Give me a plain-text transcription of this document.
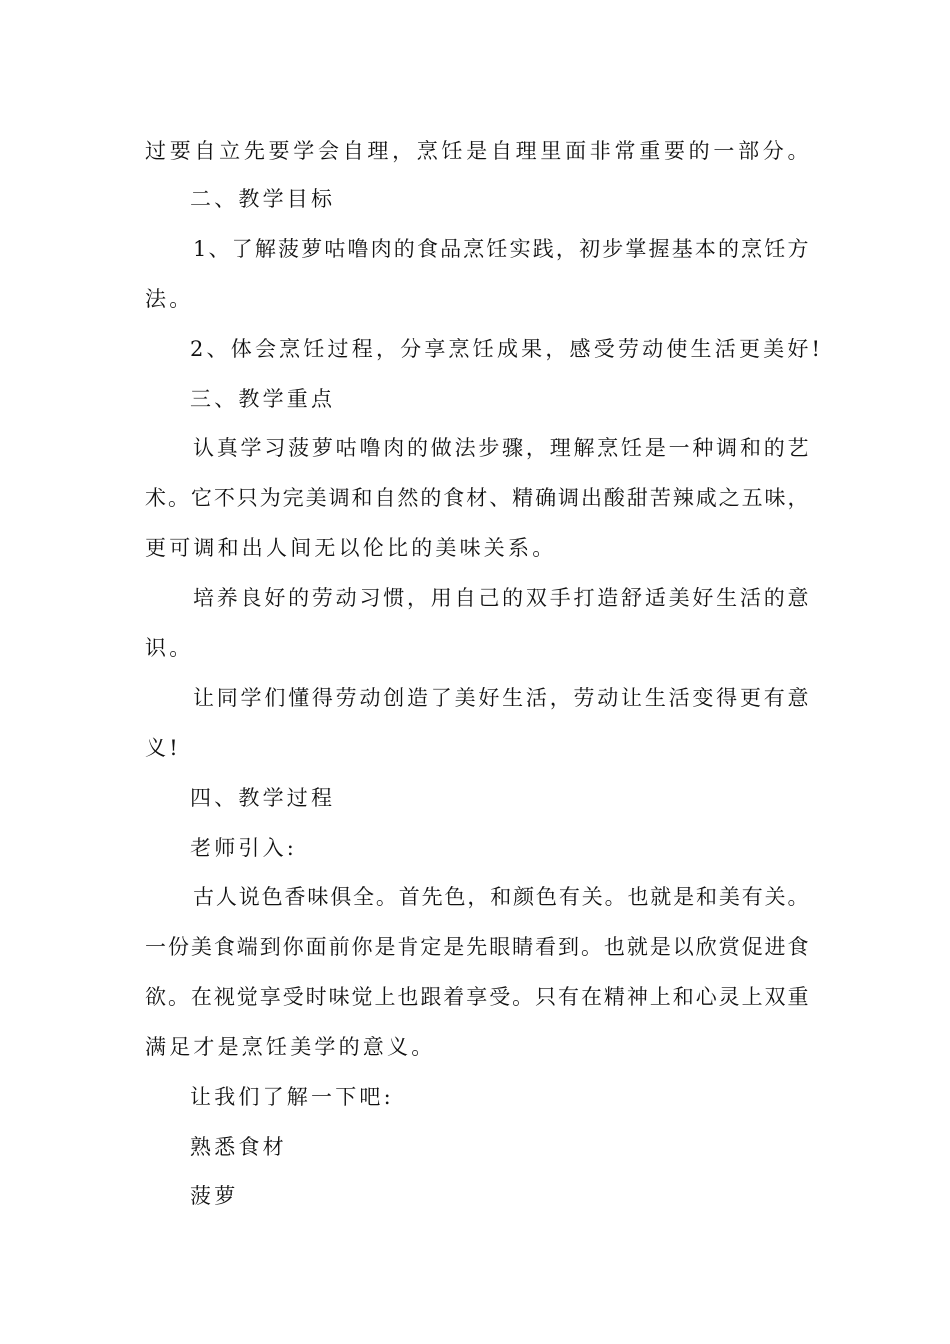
过要自立先要学会自理，烹饪是自理里面非常重要的一部分。
二、教学目标
1、了解菠萝咕噜肉的食品烹饪实践，初步掌握基本的烹饪方
法。
2、体会烹饪过程，分享烹饪成果，感受劳动使生活更美好!
三、教学重点
认真学习菠萝咕噜肉的做法步骤，理解烹饪是一种调和的艺
术。它不只为完美调和自然的食材、精确调出酸甜苦辣咸之五味，
更可调和出人间无以伦比的美味关系。
培养良好的劳动习惯，用自己的双手打造舒适美好生活的意
识。
让同学们懂得劳动创造了美好生活，劳动让生活变得更有意
义!
四、教学过程
老师引入:
古人说色香味俱全。首先色，和颜色有关。也就是和美有关。
一份美食端到你面前你是肯定是先眼睛看到。也就是以欣赏促进食
欲。在视觉享受时味觉上也跟着享受。只有在精神上和心灵上双重
满足才是烹饪美学的意义。
让我们了解一下吧:
熟悉食材
菠萝
